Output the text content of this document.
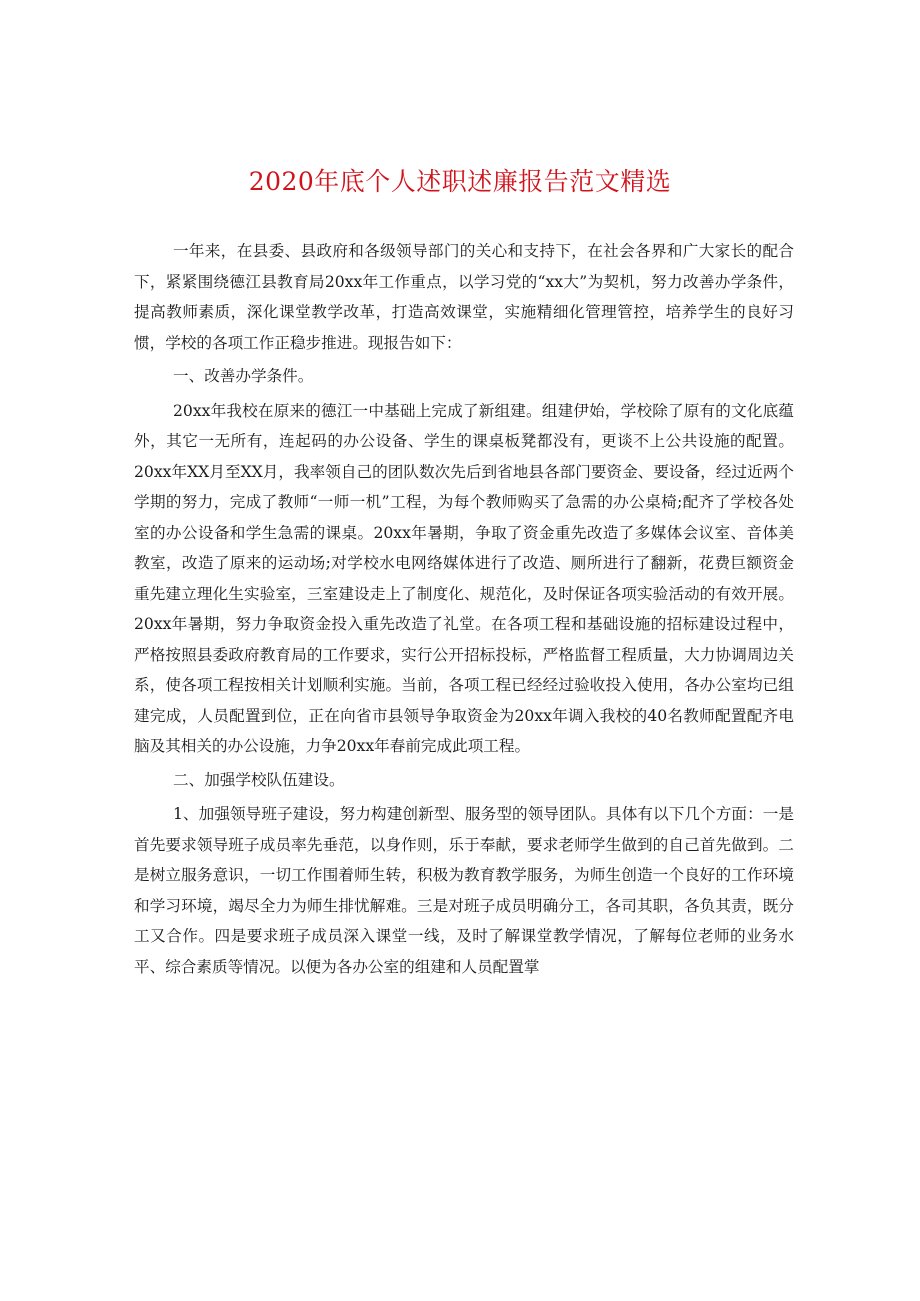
2020年底个人述职述廉报告范文精选

一年来，在县委、县政府和各级领导部门的关心和支持下，在社会各界和广大家长的配合下，紧紧围绕德江县教育局20xx年工作重点，以学习党的“xx大”为契机，努力改善办学条件，提高教师素质，深化课堂教学改革，打造高效课堂，实施精细化管理管控，培养学生的良好习惯，学校的各项工作正稳步推进。现报告如下：

一、改善办学条件。

20xx年我校在原来的德江一中基础上完成了新组建。组建伊始，学校除了原有的文化底蕴外，其它一无所有，连起码的办公设备、学生的课桌板凳都没有，更谈不上公共设施的配置。20xx年XX月至XX月，我率领自己的团队数次先后到省地县各部门要资金、要设备，经过近两个学期的努力，完成了教师“一师一机”工程，为每个教师购买了急需的办公桌椅;配齐了学校各处室的办公设备和学生急需的课桌。20xx年暑期，争取了资金重先改造了多媒体会议室、音体美教室，改造了原来的运动场;对学校水电网络媒体进行了改造、厕所进行了翻新，花费巨额资金重先建立理化生实验室，三室建设走上了制度化、规范化，及时保证各项实验活动的有效开展。20xx年暑期，努力争取资金投入重先改造了礼堂。在各项工程和基础设施的招标建设过程中，严格按照县委政府教育局的工作要求，实行公开招标投标，严格监督工程质量，大力协调周边关系，使各项工程按相关计划顺利实施。当前，各项工程已经经过验收投入使用，各办公室均已组建完成，人员配置到位，正在向省市县领导争取资金为20xx年调入我校的40名教师配置配齐电脑及其相关的办公设施，力争20xx年春前完成此项工程。

二、加强学校队伍建设。

1、加强领导班子建设，努力构建创新型、服务型的领导团队。具体有以下几个方面：一是首先要求领导班子成员率先垂范，以身作则，乐于奉献，要求老师学生做到的自己首先做到。二是树立服务意识，一切工作围着师生转，积极为教育教学服务，为师生创造一个良好的工作环境和学习环境，竭尽全力为师生排忧解难。三是对班子成员明确分工，各司其职，各负其责，既分工又合作。四是要求班子成员深入课堂一线，及时了解课堂教学情况，了解每位老师的业务水平、综合素质等情况。以便为各办公室的组建和人员配置掌
